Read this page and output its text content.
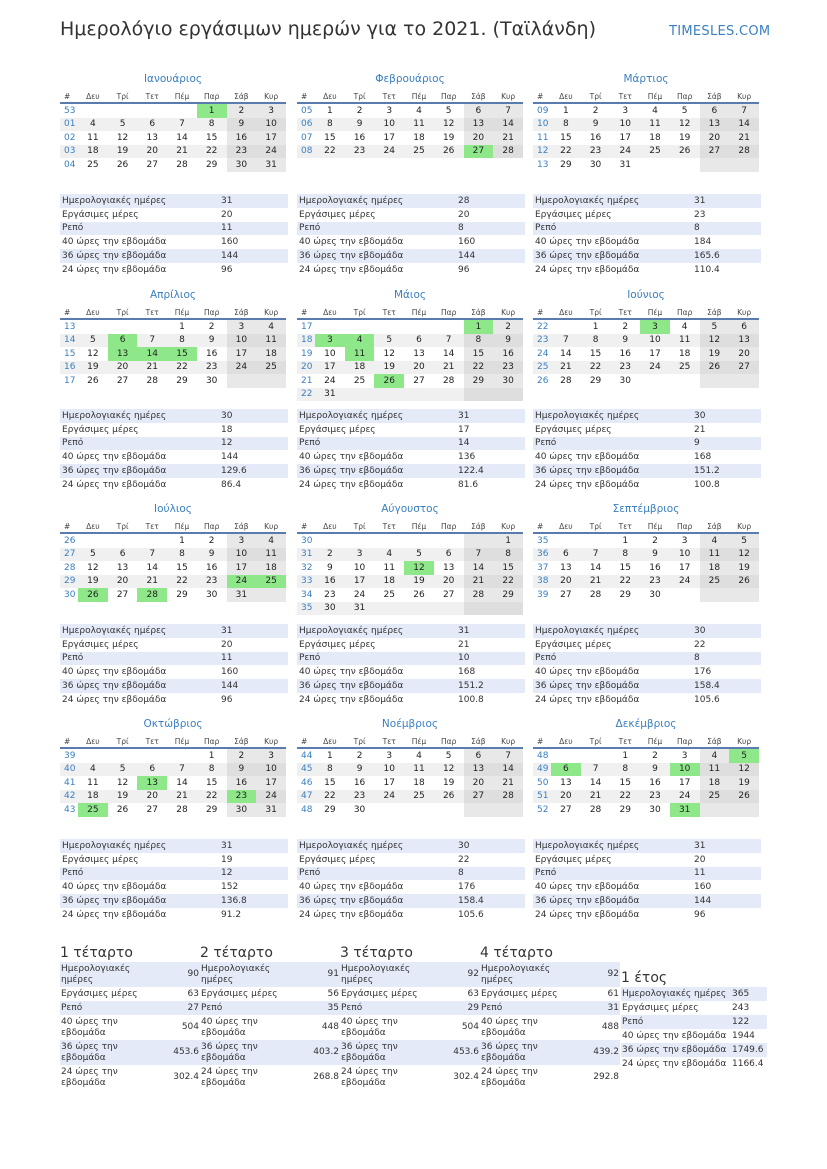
Ημερολόγιο εργάσιμων ημερών για το 2021. (Ταϊλάνδη)	TIMESLES.COM
Ιανουάριος
#	Δευ	Τρί	Τετ	Πέμ	Παρ	Σάβ	Κυρ
53					1	2	3
01	4	5	6	7	8	9	10
02	11	12	13	14	15	16	17
03	18	19	20	21	22	23	24
04	25	26	27	28	29	30	31
Ημερολογιακές ημέρες	31
Εργάσιμες μέρες	20
Ρεπό	11
40 ώρες την εβδομάδα	160
36 ώρες την εβδομάδα	144
24 ώρες την εβδομάδα	96
Φεβρουάριος
#	Δευ	Τρί	Τετ	Πέμ	Παρ	Σάβ	Κυρ
05	1	2	3	4	5	6	7
06	8	9	10	11	12	13	14
07	15	16	17	18	19	20	21
08	22	23	24	25	26	27	28
Ημερολογιακές ημέρες	28
Εργάσιμες μέρες	20
Ρεπό	8
40 ώρες την εβδομάδα	160
36 ώρες την εβδομάδα	144
24 ώρες την εβδομάδα	96
Μάρτιος
#	Δευ	Τρί	Τετ	Πέμ	Παρ	Σάβ	Κυρ
09	1	2	3	4	5	6	7
10	8	9	10	11	12	13	14
11	15	16	17	18	19	20	21
12	22	23	24	25	26	27	28
13	29	30	31				
Ημερολογιακές ημέρες	31
Εργάσιμες μέρες	23
Ρεπό	8
40 ώρες την εβδομάδα	184
36 ώρες την εβδομάδα	165.6
24 ώρες την εβδομάδα	110.4
Απρίλιος
#	Δευ	Τρί	Τετ	Πέμ	Παρ	Σάβ	Κυρ
13				1	2	3	4
14	5	6	7	8	9	10	11
15	12	13	14	15	16	17	18
16	19	20	21	22	23	24	25
17	26	27	28	29	30		
Ημερολογιακές ημέρες	30
Εργάσιμες μέρες	18
Ρεπό	12
40 ώρες την εβδομάδα	144
36 ώρες την εβδομάδα	129.6
24 ώρες την εβδομάδα	86.4
Μάιος
#	Δευ	Τρί	Τετ	Πέμ	Παρ	Σάβ	Κυρ
17						1	2
18	3	4	5	6	7	8	9
19	10	11	12	13	14	15	16
20	17	18	19	20	21	22	23
21	24	25	26	27	28	29	30
22	31						
Ημερολογιακές ημέρες	31
Εργάσιμες μέρες	17
Ρεπό	14
40 ώρες την εβδομάδα	136
36 ώρες την εβδομάδα	122.4
24 ώρες την εβδομάδα	81.6
Ιούνιος
#	Δευ	Τρί	Τετ	Πέμ	Παρ	Σάβ	Κυρ
22		1	2	3	4	5	6
23	7	8	9	10	11	12	13
24	14	15	16	17	18	19	20
25	21	22	23	24	25	26	27
26	28	29	30				
Ημερολογιακές ημέρες	30
Εργάσιμες μέρες	21
Ρεπό	9
40 ώρες την εβδομάδα	168
36 ώρες την εβδομάδα	151.2
24 ώρες την εβδομάδα	100.8
Ιούλιος
#	Δευ	Τρί	Τετ	Πέμ	Παρ	Σάβ	Κυρ
26				1	2	3	4
27	5	6	7	8	9	10	11
28	12	13	14	15	16	17	18
29	19	20	21	22	23	24	25
30	26	27	28	29	30	31	
Ημερολογιακές ημέρες	31
Εργάσιμες μέρες	20
Ρεπό	11
40 ώρες την εβδομάδα	160
36 ώρες την εβδομάδα	144
24 ώρες την εβδομάδα	96
Αύγουστος
#	Δευ	Τρί	Τετ	Πέμ	Παρ	Σάβ	Κυρ
30							1
31	2	3	4	5	6	7	8
32	9	10	11	12	13	14	15
33	16	17	18	19	20	21	22
34	23	24	25	26	27	28	29
35	30	31					
Ημερολογιακές ημέρες	31
Εργάσιμες μέρες	21
Ρεπό	10
40 ώρες την εβδομάδα	168
36 ώρες την εβδομάδα	151.2
24 ώρες την εβδομάδα	100.8
Σεπτέμβριος
#	Δευ	Τρί	Τετ	Πέμ	Παρ	Σάβ	Κυρ
35			1	2	3	4	5
36	6	7	8	9	10	11	12
37	13	14	15	16	17	18	19
38	20	21	22	23	24	25	26
39	27	28	29	30			
Ημερολογιακές ημέρες	30
Εργάσιμες μέρες	22
Ρεπό	8
40 ώρες την εβδομάδα	176
36 ώρες την εβδομάδα	158.4
24 ώρες την εβδομάδα	105.6
Οκτώβριος
#	Δευ	Τρί	Τετ	Πέμ	Παρ	Σάβ	Κυρ
39					1	2	3
40	4	5	6	7	8	9	10
41	11	12	13	14	15	16	17
42	18	19	20	21	22	23	24
43	25	26	27	28	29	30	31
Ημερολογιακές ημέρες	31
Εργάσιμες μέρες	19
Ρεπό	12
40 ώρες την εβδομάδα	152
36 ώρες την εβδομάδα	136.8
24 ώρες την εβδομάδα	91.2
Νοέμβριος
#	Δευ	Τρί	Τετ	Πέμ	Παρ	Σάβ	Κυρ
44	1	2	3	4	5	6	7
45	8	9	10	11	12	13	14
46	15	16	17	18	19	20	21
47	22	23	24	25	26	27	28
48	29	30					
Ημερολογιακές ημέρες	30
Εργάσιμες μέρες	22
Ρεπό	8
40 ώρες την εβδομάδα	176
36 ώρες την εβδομάδα	158.4
24 ώρες την εβδομάδα	105.6
Δεκέμβριος
#	Δευ	Τρί	Τετ	Πέμ	Παρ	Σάβ	Κυρ
48			1	2	3	4	5
49	6	7	8	9	10	11	12
50	13	14	15	16	17	18	19
51	20	21	22	23	24	25	26
52	27	28	29	30	31		
Ημερολογιακές ημέρες	31
Εργάσιμες μέρες	20
Ρεπό	11
40 ώρες την εβδομάδα	160
36 ώρες την εβδομάδα	144
24 ώρες την εβδομάδα	96
1 τέταρτο
Ημερολογιακές ημέρες	90
Εργάσιμες μέρες	63
Ρεπό	27
40 ώρες την εβδομάδα	504
36 ώρες την εβδομάδα	453.6
24 ώρες την εβδομάδα	302.4
2 τέταρτο
Ημερολογιακές ημέρες	91
Εργάσιμες μέρες	56
Ρεπό	35
40 ώρες την εβδομάδα	448
36 ώρες την εβδομάδα	403.2
24 ώρες την εβδομάδα	268.8
3 τέταρτο
Ημερολογιακές ημέρες	92
Εργάσιμες μέρες	63
Ρεπό	29
40 ώρες την εβδομάδα	504
36 ώρες την εβδομάδα	453.6
24 ώρες την εβδομάδα	302.4
4 τέταρτο
Ημερολογιακές ημέρες	92
Εργάσιμες μέρες	61
Ρεπό	31
40 ώρες την εβδομάδα	488
36 ώρες την εβδομάδα	439.2
24 ώρες την εβδομάδα	292.8
1 έτος
Ημερολογιακές ημέρες	365
Εργάσιμες μέρες	243
Ρεπό	122
40 ώρες την εβδομάδα	1944
36 ώρες την εβδομάδα	1749.6
24 ώρες την εβδομάδα	1166.4
